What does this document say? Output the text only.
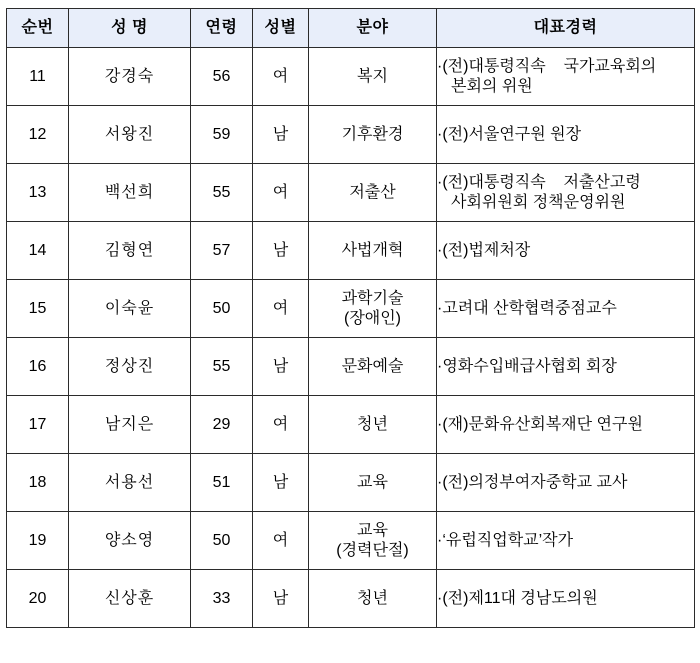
순번	성 명	연령	성별	분야	대표경력
11	강경숙	56	여	복지	·(전)대통령직속    국가교육회의
본회의 위원

12	서왕진	59	남	기후환경	·(전)서울연구원 원장

13	백선희	55	여	저출산	·(전)대통령직속    저출산고령
사회위원회 정책운영위원

14	김형연	57	남	사법개혁	·(전)법제처장

15	이숙윤	50	여	과학기술
(장애인)	·고려대 산학협력중점교수

16	정상진	55	남	문화예술	·영화수입배급사협회 회장

17	남지은	29	여	청년	·(재)문화유산회복재단 연구원

18	서용선	51	남	교육	·(전)의정부여자중학교 교사

19	양소영	50	여	교육
(경력단절)	·‘유럽직업학교’작가

20	신상훈	33	남	청년	·(전)제11대 경남도의원
